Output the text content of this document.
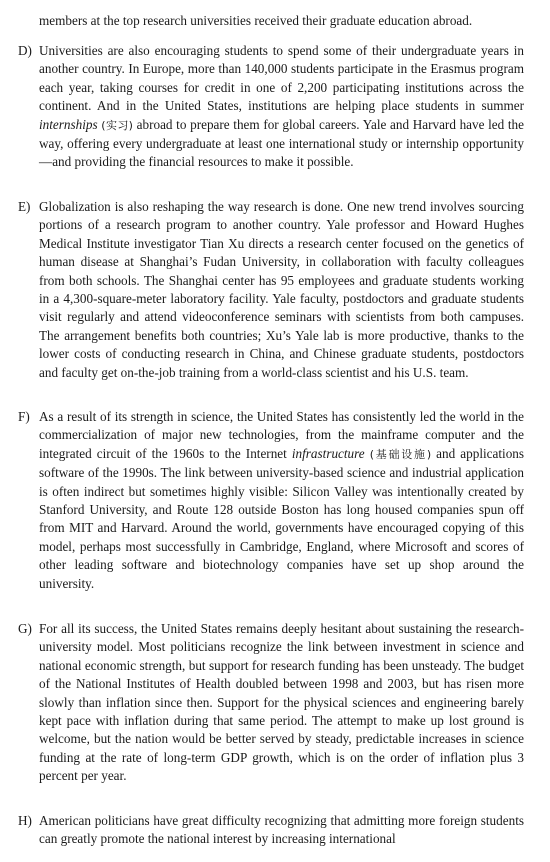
members at the top research universities received their graduate education abroad.

D) Universities are also encouraging students to spend some of their undergraduate years in another country. In Europe, more than 140,000 students participate in the Erasmus program each year, taking courses for credit in one of 2,200 participating institutions across the continent. And in the United States, institutions are helping place students in summer internships (实习) abroad to prepare them for global careers. Yale and Harvard have led the way, offering every undergraduate at least one international study or internship opportunity—and providing the financial resources to make it possible.

E) Globalization is also reshaping the way research is done. One new trend involves sourcing portions of a research program to another country. Yale professor and Howard Hughes Medical Institute investigator Tian Xu directs a research center focused on the genetics of human disease at Shanghai’s Fudan University, in collaboration with faculty colleagues from both schools. The Shanghai center has 95 employees and graduate students working in a 4,300-square-meter laboratory facility. Yale faculty, postdoctors and graduate students visit regularly and attend videoconference seminars with scientists from both campuses. The arrangement benefits both countries; Xu’s Yale lab is more productive, thanks to the lower costs of conducting research in China, and Chinese graduate students, postdoctors and faculty get on-the-job training from a world-class scientist and his U.S. team.

F) As a result of its strength in science, the United States has consistently led the world in the commercialization of major new technologies, from the mainframe computer and the integrated circuit of the 1960s to the Internet infrastructure (基础设施) and applications software of the 1990s. The link between university-based science and industrial application is often indirect but sometimes highly visible: Silicon Valley was intentionally created by Stanford University, and Route 128 outside Boston has long housed companies spun off from MIT and Harvard. Around the world, governments have encouraged copying of this model, perhaps most successfully in Cambridge, England, where Microsoft and scores of other leading software and biotechnology companies have set up shop around the university.

G) For all its success, the United States remains deeply hesitant about sustaining the research-university model. Most politicians recognize the link between investment in science and national economic strength, but support for research funding has been unsteady. The budget of the National Institutes of Health doubled between 1998 and 2003, but has risen more slowly than inflation since then. Support for the physical sciences and engineering barely kept pace with inflation during that same period. The attempt to make up lost ground is welcome, but the nation would be better served by steady, predictable increases in science funding at the rate of long-term GDP growth, which is on the order of inflation plus 3 percent per year.

H) American politicians have great difficulty recognizing that admitting more foreign students can greatly promote the national interest by increasing international
